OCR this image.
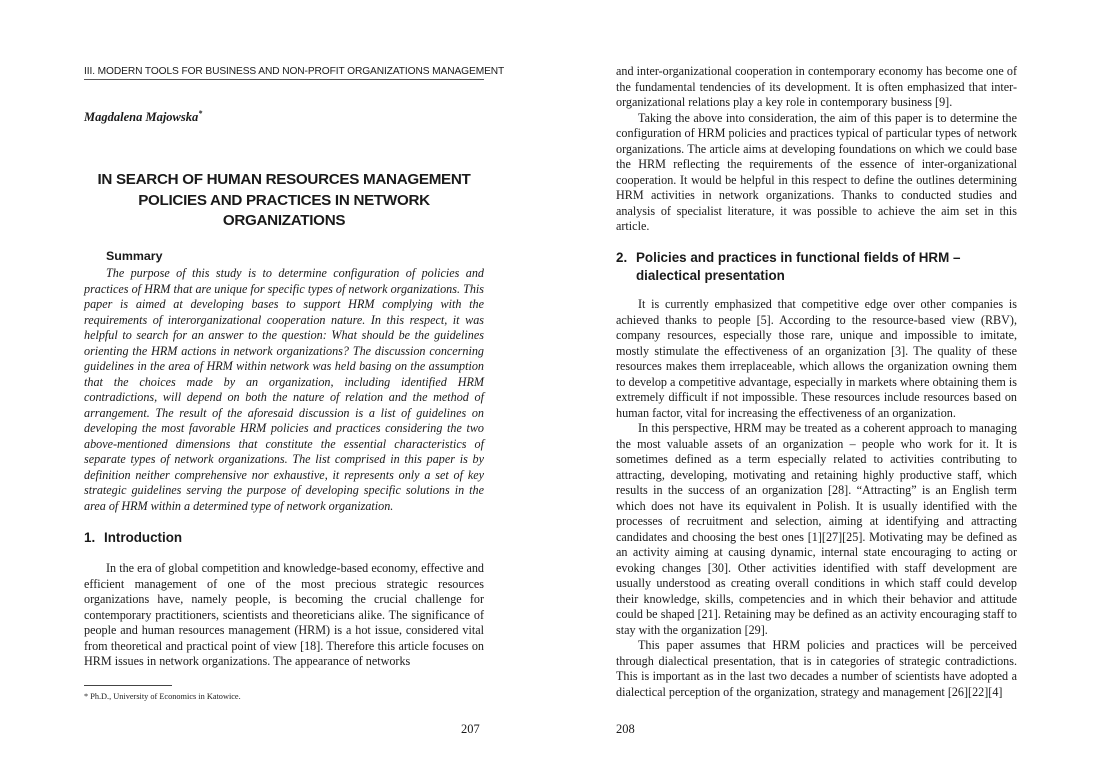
III. MODERN TOOLS FOR BUSINESS AND NON-PROFIT ORGANIZATIONS MANAGEMENT
Magdalena Majowska*
IN SEARCH OF HUMAN RESOURCES MANAGEMENT POLICIES AND PRACTICES IN NETWORK ORGANIZATIONS
Summary

The purpose of this study is to determine configuration of policies and practices of HRM that are unique for specific types of network organizations. This paper is aimed at developing bases to support HRM complying with the requirements of interorganizational cooperation nature. In this respect, it was helpful to search for an answer to the question: What should be the guidelines orienting the HRM actions in network organizations? The discussion concerning guidelines in the area of HRM within network was held basing on the assumption that the choices made by an organization, including identified HRM contradictions, will depend on both the nature of relation and the method of arrangement. The result of the aforesaid discussion is a list of guidelines on developing the most favorable HRM policies and practices considering the two above-mentioned dimensions that constitute the essential characteristics of separate types of network organizations. The list comprised in this paper is by definition neither comprehensive nor exhaustive, it represents only a set of key strategic guidelines serving the purpose of developing specific solutions in the area of HRM within a determined type of network organization.

1. Introduction

In the era of global competition and knowledge-based economy, effective and efficient management of one of the most precious strategic resources organizations have, namely people, is becoming the crucial challenge for contemporary practitioners, scientists and theoreticians alike. The significance of people and human resources management (HRM) is a hot issue, considered vital from theoretical and practical point of view [18]. Therefore this article focuses on HRM issues in network organizations. The appearance of networks

* Ph.D., University of Economics in Katowice.
207

and inter-organizational cooperation in contemporary economy has become one of the fundamental tendencies of its development. It is often emphasized that inter-organizational relations play a key role in contemporary business [9].

Taking the above into consideration, the aim of this paper is to determine the configuration of HRM policies and practices typical of particular types of network organizations. The article aims at developing foundations on which we could base the HRM reflecting the requirements of the essence of inter-organizational cooperation. It would be helpful in this respect to define the outlines determining HRM activities in network organizations. Thanks to conducted studies and analysis of specialist literature, it was possible to achieve the aim set in this article.

2. Policies and practices in functional fields of HRM –
dialectical presentation

It is currently emphasized that competitive edge over other companies is achieved thanks to people [5]. According to the resource-based view (RBV), company resources, especially those rare, unique and impossible to imitate, mostly stimulate the effectiveness of an organization [3]. The quality of these resources makes them irreplaceable, which allows the organization owning them to develop a competitive advantage, especially in markets where obtaining them is extremely difficult if not impossible. These resources include resources based on human factor, vital for increasing the effectiveness of an organization.

In this perspective, HRM may be treated as a coherent approach to managing the most valuable assets of an organization – people who work for it. It is sometimes defined as a term especially related to activities contributing to attracting, developing, motivating and retaining highly productive staff, which results in the success of an organization [28]. “Attracting” is an English term which does not have its equivalent in Polish. It is usually identified with the processes of recruitment and selection, aiming at identifying and attracting candidates and choosing the best ones [1][27][25]. Motivating may be defined as an activity aiming at causing dynamic, internal state encouraging to acting or evoking changes [30]. Other activities identified with staff development are usually understood as creating overall conditions in which staff could develop their knowledge, skills, competencies and in which their behavior and attitude could be shaped [21]. Retaining may be defined as an activity encouraging staff to stay with the organization [29].

This paper assumes that HRM policies and practices will be perceived through dialectical presentation, that is in categories of strategic contradictions. This is important as in the last two decades a number of scientists have adopted a dialectical perception of the organization, strategy and management [26][22][4]

208
